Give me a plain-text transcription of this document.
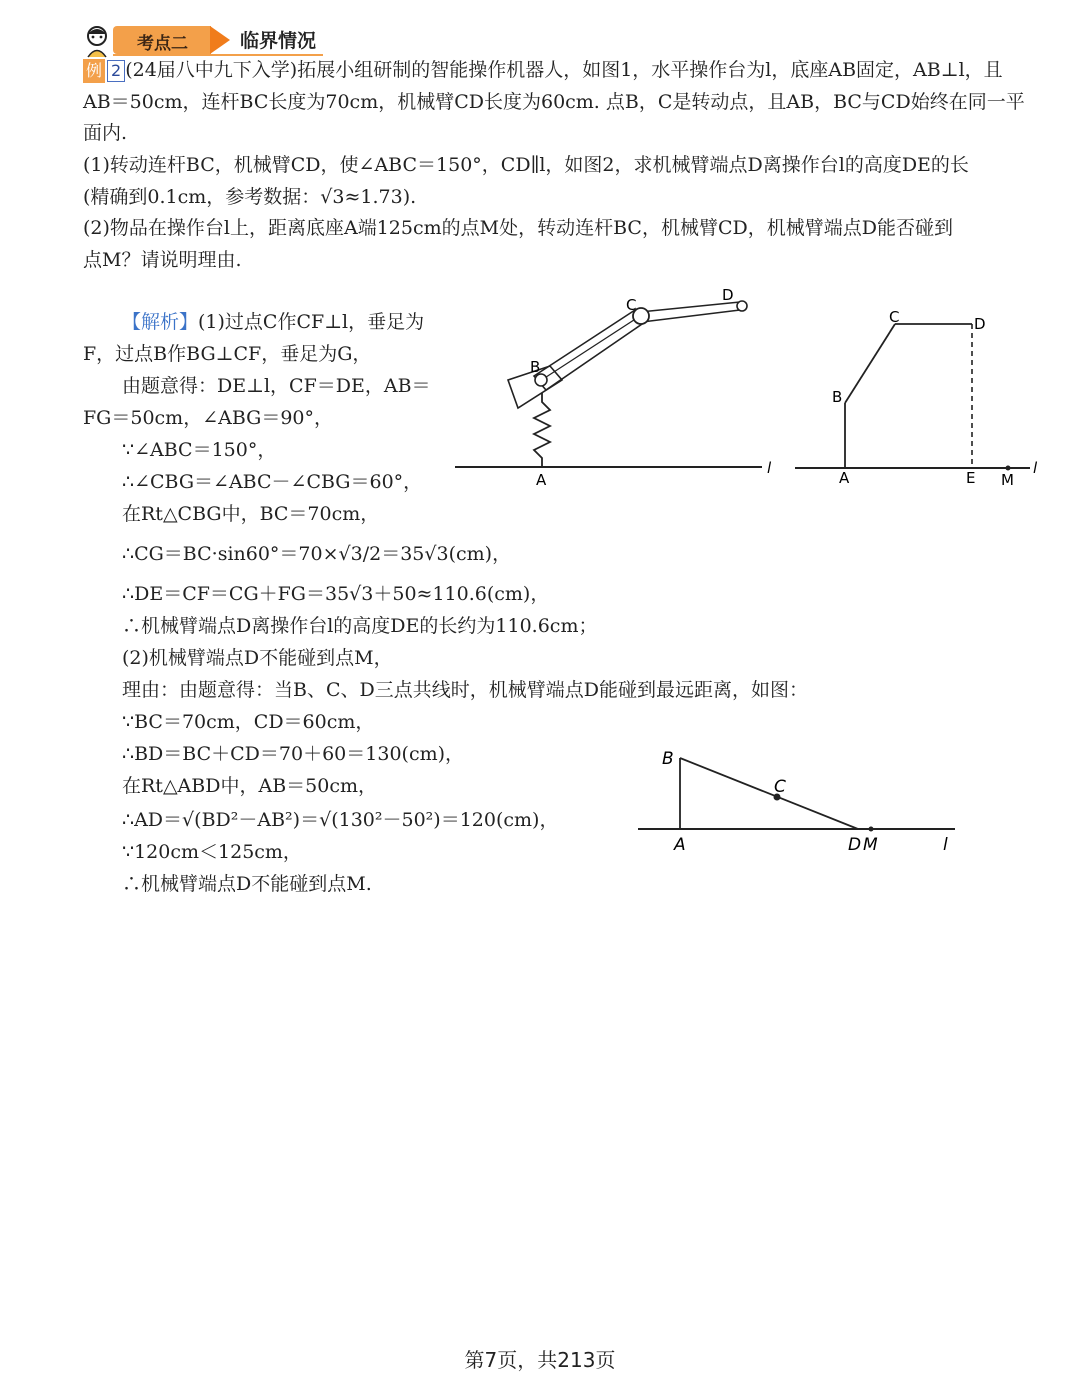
考点二	临界情况
例 2 (24届八中九下入学)拓展小组研制的智能操作机器人，如图1，水平操作台为l，底座AB固定，AB⊥l，且
AB＝50cm，连杆BC长度为70cm，机械臂CD长度为60cm. 点B，C是转动点，且AB，BC与CD始终在同一平
面内.
(1)转动连杆BC，机械臂CD，使∠ABC＝150°，CD∥l，如图2，求机械臂端点D离操作台l的高度DE的长
(精确到0.1cm，参考数据：√3≈1.73).
(2)物品在操作台l上，距离底座A端125cm的点M处，转动连杆BC，机械臂CD，机械臂端点D能否碰到
点M？请说明理由.
【解析】(1)过点C作CF⊥l，垂足为
F，过点B作BG⊥CF，垂足为G，
由题意得：DE⊥l，CF＝DE，AB＝
FG＝50cm，∠ABG＝90°，
∵∠ABC＝150°，
∴∠CBG＝∠ABC－∠CBG＝60°，
在Rt△CBG中，BC＝70cm，
∴CG＝BC·sin60°＝70×√3/2＝35√3(cm)，
∴DE＝CF＝CG＋FG＝35√3＋50≈110.6(cm)，
∴机械臂端点D离操作台l的高度DE的长约为110.6cm；
(2)机械臂端点D不能碰到点M，
理由：由题意得：当B、C、D三点共线时，机械臂端点D能碰到最远距离，如图：
∵BC＝70cm，CD＝60cm，
∴BD＝BC＋CD＝70＋60＝130(cm)，
在Rt△ABD中，AB＝50cm，
∴AD＝√(BD²－AB²)＝√(130²－50²)＝120(cm)，
∵120cm＜125cm，
∴机械臂端点D不能碰到点M.
A
B
C
D
l
A
B
C	D
E M
l
A
B
C
D M	l
第7页，共213页
